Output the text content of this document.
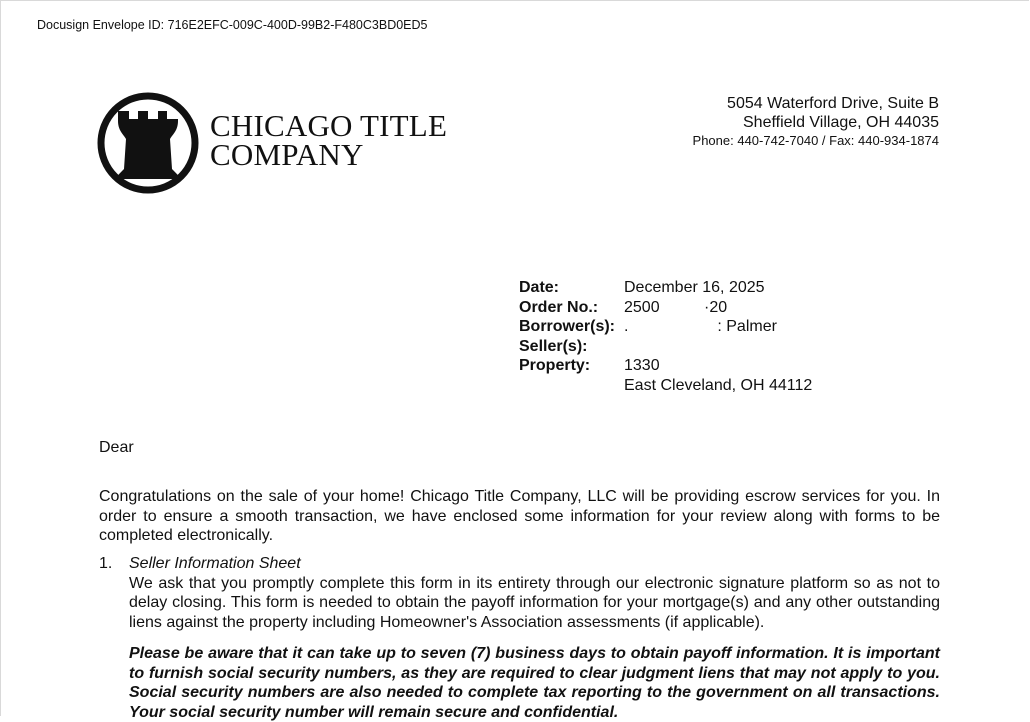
Docusign Envelope ID: 716E2EFC-009C-400D-99B2-F480C3BD0ED5
CHICAGO TITLE
COMPANY
5054 Waterford Drive, Suite B
Sheffield Village, OH 44035
Phone: 440-742-7040 / Fax: 440-934-1874
Date:	December 16, 2025
Order No.:	2500          ·20
Borrower(s): .                    : Palmer
Seller(s):
Property:	1330
East Cleveland, OH 44112
Dear
Congratulations on the sale of your home! Chicago Title Company, LLC will be providing escrow services for you. In order to ensure a smooth transaction, we have enclosed some information for your review along with forms to be completed electronically.
1.	Seller Information Sheet
We ask that you promptly complete this form in its entirety through our electronic signature platform so as not to delay closing. This form is needed to obtain the payoff information for your mortgage(s) and any other outstanding liens against the property including Homeowner's Association assessments (if applicable).
Please be aware that it can take up to seven (7) business days to obtain payoff information. It is important to furnish social security numbers, as they are required to clear judgment liens that may not apply to you. Social security numbers are also needed to complete tax reporting to the government on all transactions. Your social security number will remain secure and confidential.
